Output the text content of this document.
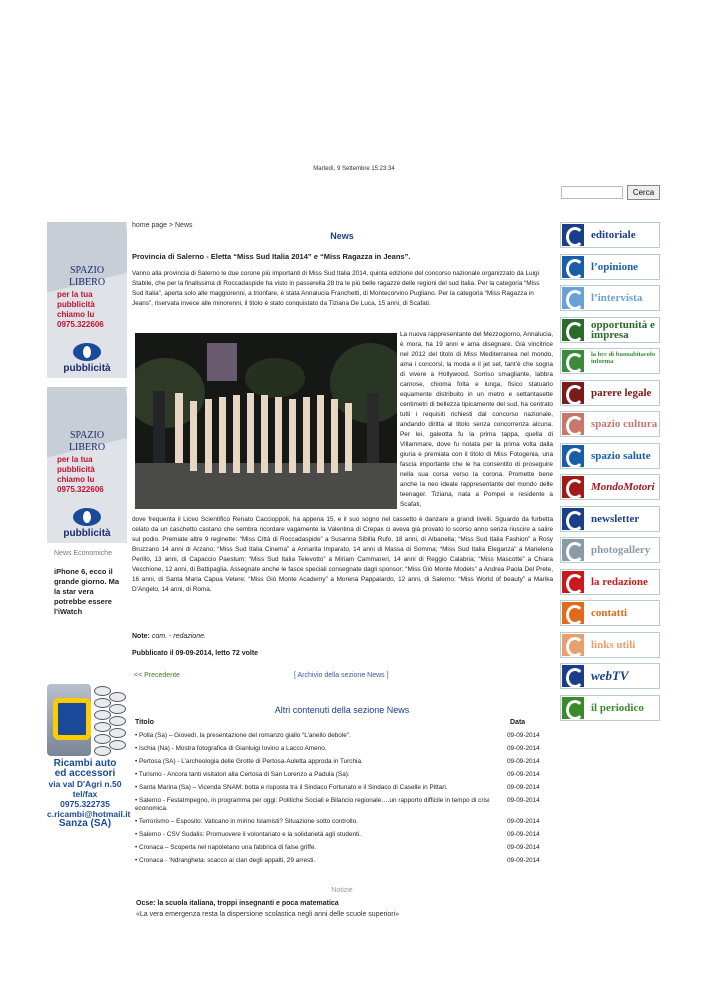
Martedì, 9 Settembre 15:23:34
Cerca
SPAZIO
LIBERO
per la tua
pubblicità
chiamo lu
0975.322606
pubblicità
SPAZIO
LIBERO
per la tua
pubblicità
chiamo lu
0975.322606
pubblicità
News Economiche
iPhone 6, ecco il grande giorno. Ma la star vera potrebbe essere l'iWatch
CR
Ricambi auto
ed accessori
via val D'Agri n.50
tel/fax 0975.322735
c.ricambi@hotmail.it
Sanza (SA)
home page > News
News
Provincia di Salerno - Eletta “Miss Sud Italia 2014” e “Miss Ragazza in Jeans”.
Vanno alla provincia di Salerno le due corone più importanti di Miss Sud Italia 2014, quinta edizione del concorso nazionale organizzato da Luigi Stabile, che per la finalissima di Roccadaspide ha visto in passerella 28 tra le più belle ragazze delle regioni del sud Italia. Per la categoria “Miss Sud Italia”, aperta solo alle maggiorenni, a trionfare, è stata Annalucia Franchetti, di Montecorvino Pugliano. Per la categoria “Miss Ragazza in Jeans”, riservata invece alle minorenni, il titolo è stato conquistato da Tiziana De Luca, 15 anni, di Scafati.
La nuova rappresentante del Mezzogiorno, Annalucia, è mora, ha 19 anni e ama disegnare. Già vincitrice nel 2012 del titolo di Miss Mediterranea nel mondo, ama i concorsi, la moda e il jet set, tant’è che sogna di vivere a Hollywood. Sorriso smagliante, labbra carnose, chioma folta e lunga, fisico statuario equamente distribuito in un metro e settantasette centimetri di bellezza tipicamente del sud, ha centrato tutti i requisiti richiesti dal concorso nazionale, andando diritta al titolo senza concorrenza alcuna. Per lei, galeotta fu la prima tappa, quella di Villammare, dove fu notata per la prima volta dalla giuria e premiata con il titolo di Miss Fotogenia, una fascia importante che le ha consentito di proseguire nella sua corsa verso la corona. Promette bene anche la neo ideale rappresentante del mondo delle teenager. Tiziana, nata a Pompei e residente a Scafati,
dove frequenta il Liceo Scientifico Renato Caccioppoli, ha appena 15, e il suo sogno nel cassetto è danzare a grandi livelli. Sguardo da furbetta celato da un caschetto castano che sembra ricordare vagamente la Valentina di Crepax ci aveva già provato lo scorso anno senza riuscire a salire sul podio. Premiate altre 9 reginette: “Miss Città di Roccadaspide” a Susanna Sibilla Rufo, 18 anni, di Albanella; “Miss Sud Italia Fashion” a Rosy Bruzzano 14 anni di Arzano; “Miss Sud Italia Cinema” a Annarita Imparato, 14 anni di Massa di Somma; “Miss Sud Italia Eleganza” a Marielena Perillo, 13 anni, di Capaccio Paestum; “Miss Sud Italia Televotto” a Miriam Cammareri, 14 anni di Reggio Calabria; “Miss Mascotte” a Chiara Vecchione, 12 anni, di Battipaglia. Assegnate anche le fasce speciali consegnate dagli sponsor: “Miss Giò Monte Models” a Andrea Paola Del Prete, 16 anni, di Santa Maria Capua Vetere; “Miss Giò Monte Academy” a Morena Pappalardo, 12 anni, di Salerno; “Miss World of beauty” a Marika D’Angelo, 14 anni, di Roma.
Note: com. - redazione.
Pubblicato il 09-09-2014, letto 72 volte
<< Precedente	[ Archivio della sezione News ]
Altri contenuti della sezione News
Titolo	Data
• Polla (Sa) – Giovedì, la presentazione del romanzo giallo “L’anello debole”.	09-09-2014
• Ischia (Na) - Mostra fotografica di Gianluigi Iovino a Lacco Ameno.	09-09-2014
• Pertosa (SA) - L’archeologia delle Grotte di Pertosa-Auletta approda in Turchia.	09-09-2014
• Turismo - Ancora tanti visitatori alla Certosa di San Lorenzo a Padula (Sa).	09-09-2014
• Santa Marina (Sa) – Vicenda SNAM: botta e risposta tra il Sindaco Fortunato e il Sindaco di Caselle in Pittari.	09-09-2014
• Salerno - FestaImpegno, in programma per oggi: Politiche Sociali e Bilancio regionale….un rapporto difficile in tempo di crisi economica.
09-09-2014
• Terrorismo – Esposito: Vaticano in mirino Islamisti? Situazione sotto controllo.	09-09-2014
• Salerno - CSV Sodalis: Promuovere il volontariato e la solidarietà agli studenti.	09-09-2014
• Cronaca – Scoperta nel napoletano una fabbrica di false griffe.	09-09-2014
• Cronaca - ‘Ndrangheta: scacco ai clan degli appalti, 29 arresti.	09-09-2014
Notizie
Ocse: la scuola italiana, troppi insegnanti e poca matematica
«La vera emergenza resta la dispersione scolastica negli anni delle scuole superiori»
editoriale
l’opinione
l’intervista
opportunità e impresa
la bcc di buonabitacolo informa
parere legale
spazio cultura
spazio salute
MondoMotori
newsletter
photogallery
la redazione
contatti
links utili
webTV
il periodico
